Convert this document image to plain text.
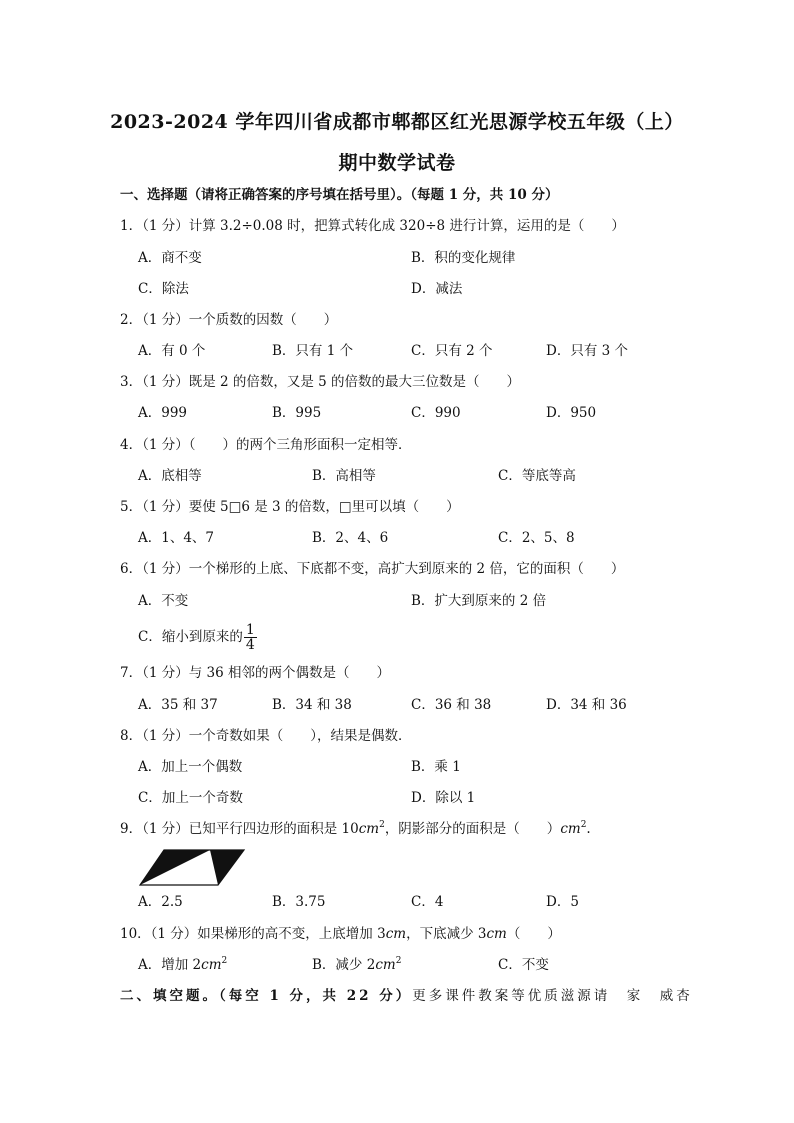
2023-2024 学年四川省成都市郫都区红光思源学校五年级（上）
期中数学试卷
一、选择题（请将正确答案的序号填在括号里）。（每题 1 分，共 10 分）
1．（1 分）计算 3.2÷0.08 时，把算式转化成 320÷8 进行计算，运用的是（　　）
A．商不变	B．积的变化规律
C．除法	D．减法
2．（1 分）一个质数的因数（　　）
A．有 0 个	B．只有 1 个	C．只有 2 个	D．只有 3 个
3．（1 分）既是 2 的倍数，又是 5 的倍数的最大三位数是（　　）
A．999	B．995	C．990	D．950
4．（1 分）（　　）的两个三角形面积一定相等．
A．底相等	B．高相等	C．等底等高
5．（1 分）要使 5□6 是 3 的倍数，□里可以填（　　）
A．1、4、7	B．2、4、6	C．2、5、8
6．（1 分）一个梯形的上底、下底都不变，高扩大到原来的 2 倍，它的面积（　　）
A．不变	B．扩大到原来的 2 倍
C．缩小到原来的 $\frac{1}{4}$
7．（1 分）与 36 相邻的两个偶数是（　　）
A．35 和 37	B．34 和 38	C．36 和 38	D．34 和 36
8．（1 分）一个奇数如果（　　），结果是偶数．
A．加上一个偶数	B．乘 1
C．加上一个奇数	D．除以 1
9．（1 分）已知平行四边形的面积是 $10cm^2$，阴影部分的面积是（　　）$cm^2$.
A．2.5	B．3.75	C．4	D．5
10．（1 分）如果梯形的高不变，上底增加 3cm，下底减少 3cm（　　）
A．增加 $2cm^2$	B．减少 $2cm^2$	C．不变
二、填空题。（每空 1 分，共 22 分）更多课件教案等优质滋源请　家　威杏
